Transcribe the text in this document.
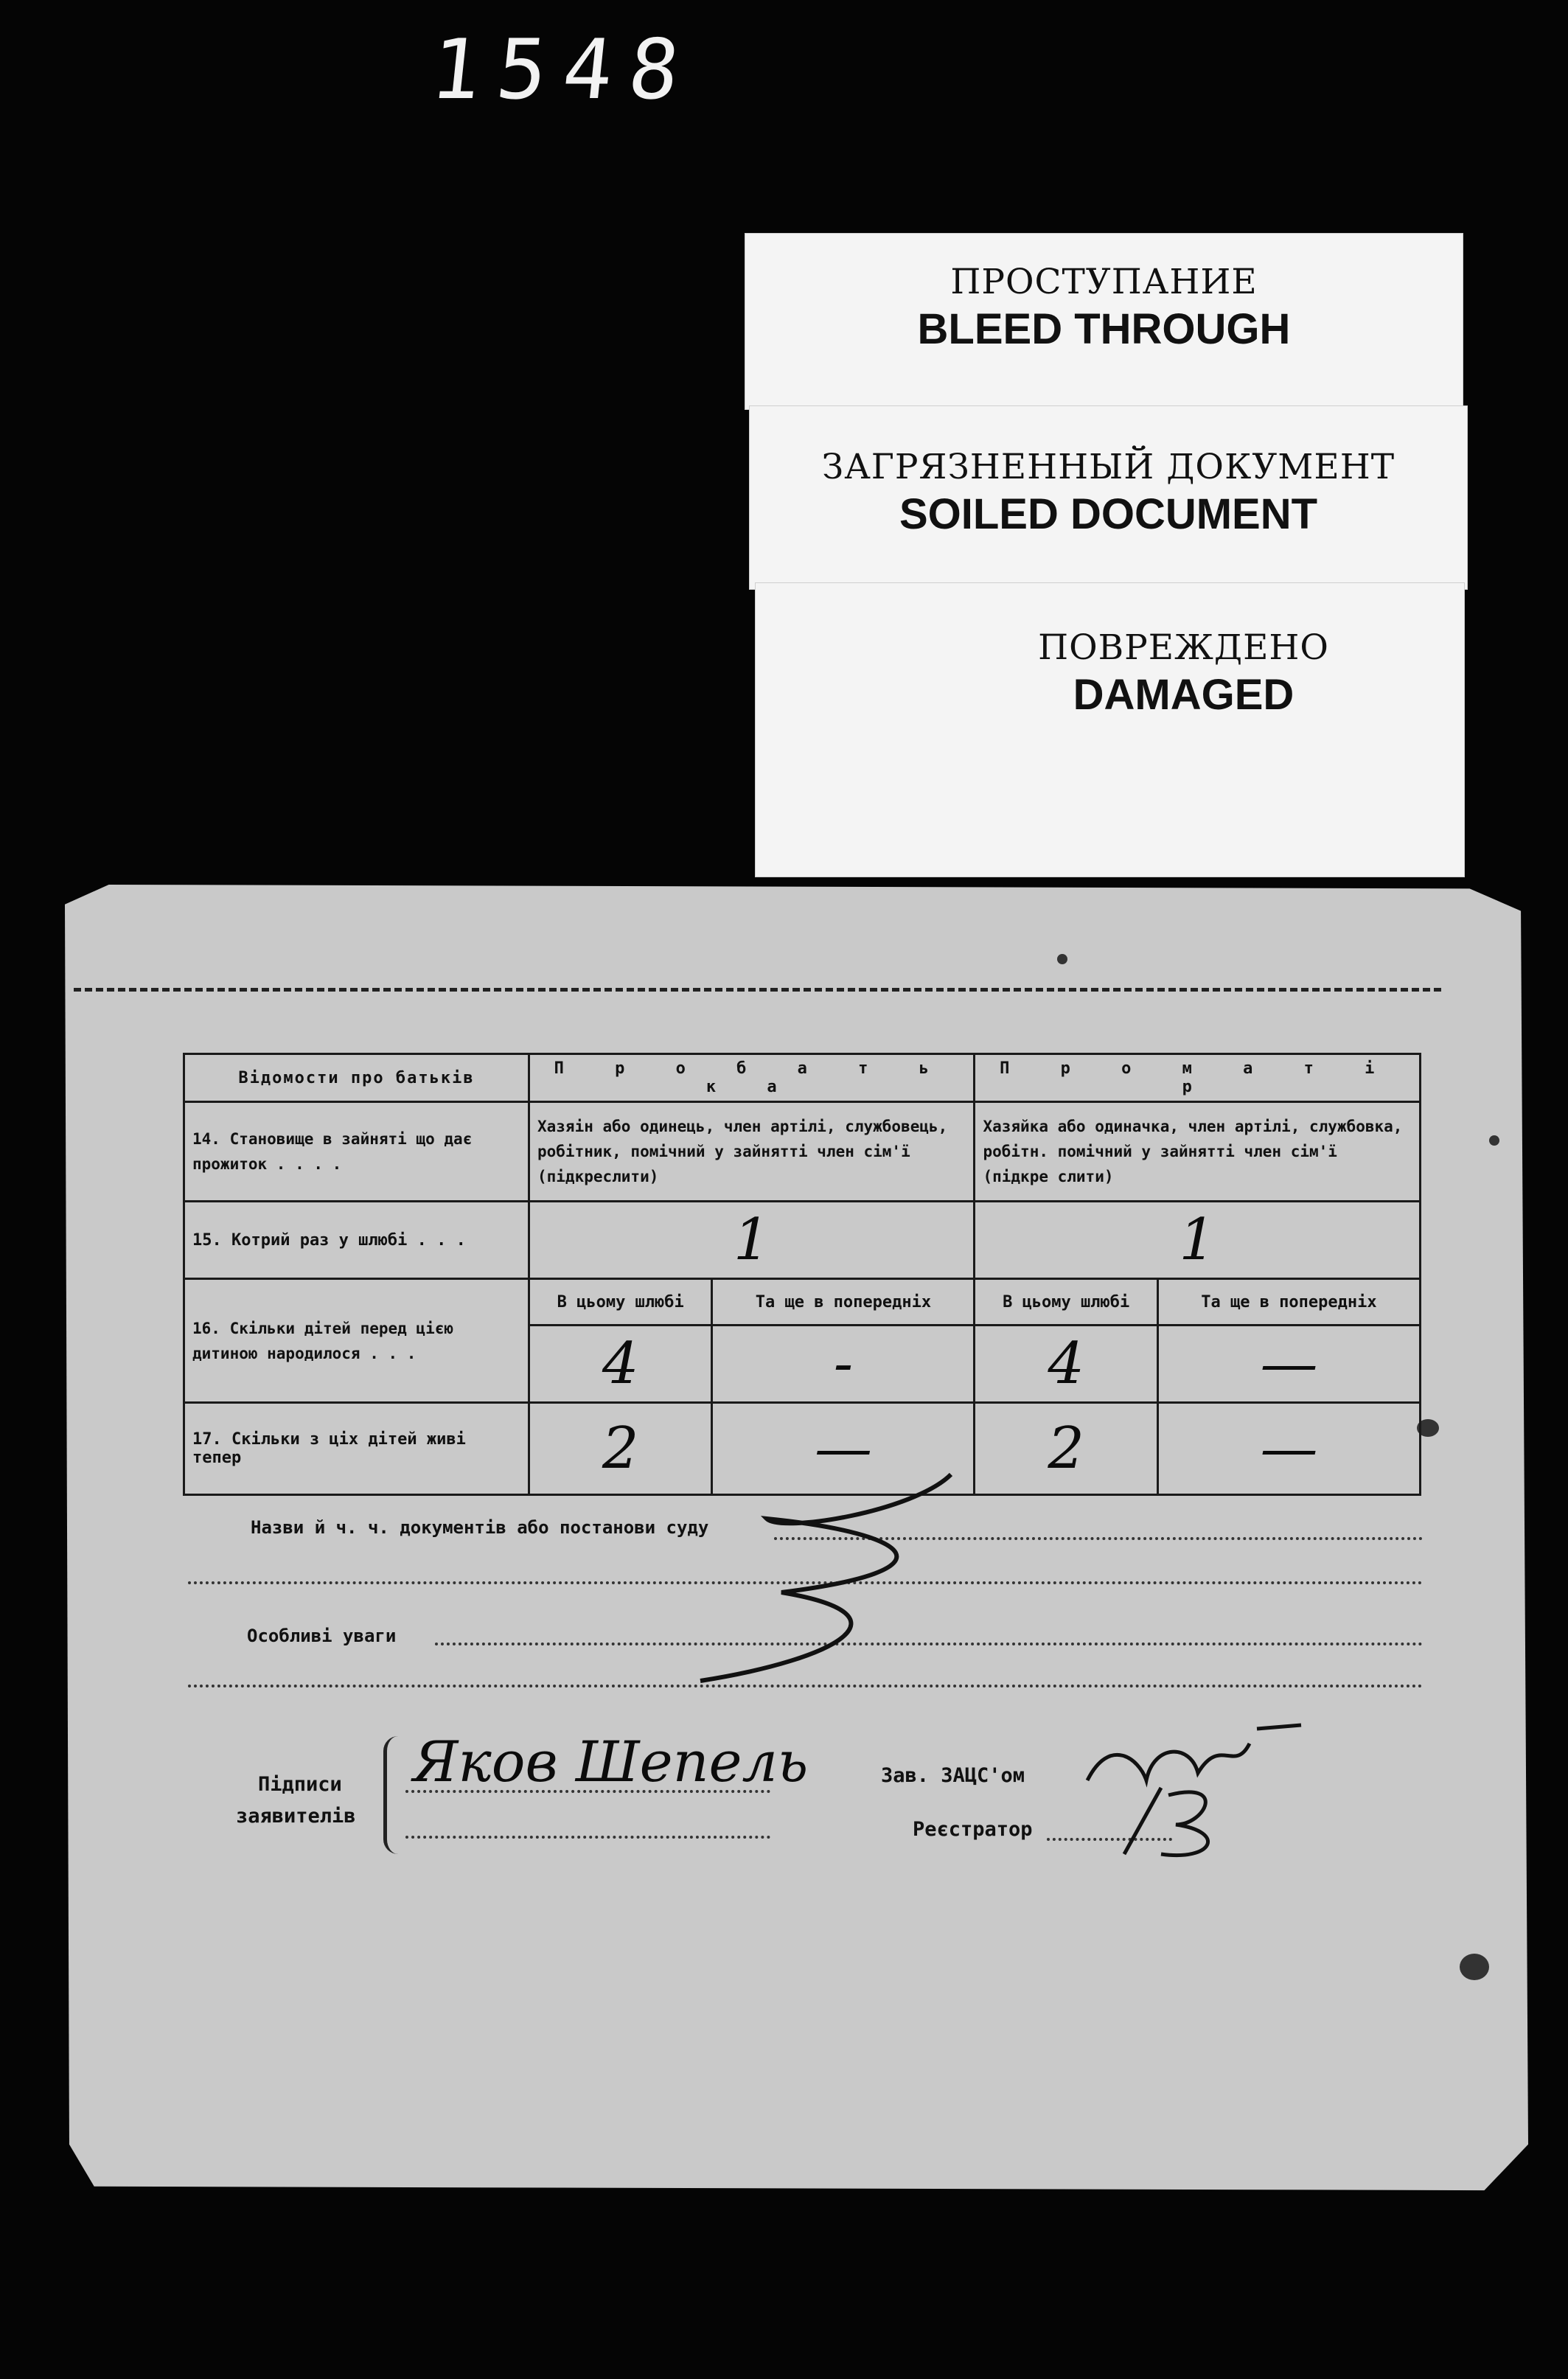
1548
ПРОСТУПАНИЕ
BLEED THROUGH
ЗАГРЯЗНЕННЫЙ ДОКУМЕНТ
SOILED DOCUMENT
ПОВРЕЖДЕНО
DAMAGED
Відомости про батьків	П р о б а т ь к а		П р о м а т і р	
14. Становище в зайняті що дає прожиток . . . .	Хазяін або одинець, член артілі, службовець, робітник, помічний у зайнятті член сім'ї (підкреслити)		Хазяйка або одиначка, член артілі, службовка, робітн. помічний у зайнятті член сім'ї (підкре слити)	
15. Котрий раз у шлюбі . . .	1		1	
16. Скільки дітей перед цією дитиною народилося . . .	В цьому шлюбі	Та ще в попередніх	В цьому шлюбі	Та ще в попередніх
	4	-	4	—
17. Скільки з ціх дітей живі тепер	2	—	2	—
Назви й ч. ч. документів або постанови суду
Особливі уваги
Підписи
заявителів
Яков Шепель	Зав. ЗАЦС'ом
Реєстратор
